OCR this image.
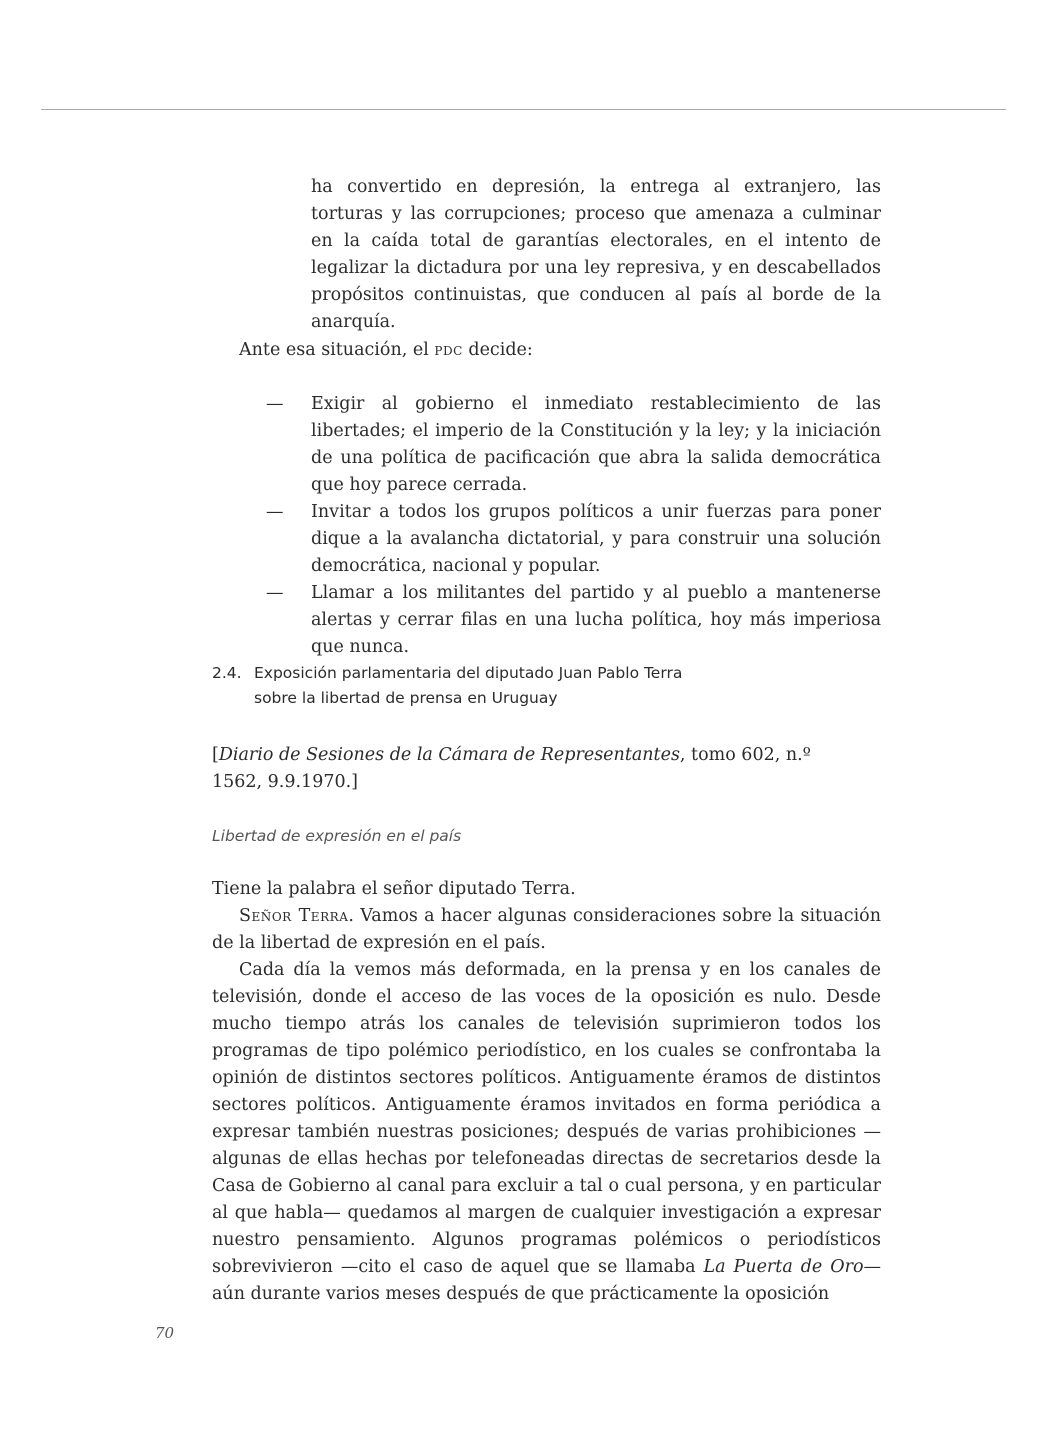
ha convertido en depresión, la entrega al extranjero, las torturas y las corrupciones; proceso que amenaza a culminar en la caída total de garantías electorales, en el intento de legalizar la dictadura por una ley represiva, y en descabellados propósitos continuistas, que conducen al país al borde de la anarquía.
Ante esa situación, el pdc decide:
— Exigir al gobierno el inmediato restablecimiento de las libertades; el imperio de la Constitución y la ley; y la iniciación de una política de pacificación que abra la salida democrática que hoy parece cerrada.
— Invitar a todos los grupos políticos a unir fuerzas para poner dique a la avalancha dictatorial, y para construir una solución democrática, nacional y popular.
— Llamar a los militantes del partido y al pueblo a mantenerse alertas y cerrar filas en una lucha política, hoy más imperiosa que nunca.
2.4. Exposición parlamentaria del diputado Juan Pablo Terra
sobre la libertad de prensa en Uruguay
[Diario de Sesiones de la Cámara de Representantes, tomo 602, n.º 1562, 9.9.1970.]
Libertad de expresión en el país

Tiene la palabra el señor diputado Terra.

Señor Terra. Vamos a hacer algunas consideraciones sobre la situación de la libertad de expresión en el país.

Cada día la vemos más deformada, en la prensa y en los canales de televisión, donde el acceso de las voces de la oposición es nulo. Desde mucho tiempo atrás los canales de televisión suprimieron todos los programas de tipo polémico periodístico, en los cuales se confrontaba la opinión de distintos sectores políticos. Antiguamente éramos de distintos sectores políticos. Antiguamente éramos invitados en forma periódica a expresar también nuestras posiciones; después de varias prohibiciones —algunas de ellas hechas por telefoneadas directas de secretarios desde la Casa de Gobierno al canal para excluir a tal o cual persona, y en particular al que habla— quedamos al margen de cualquier investigación a expresar nuestro pensamiento. Algunos programas polémicos o periodísticos sobrevivieron —cito el caso de aquel que se llamaba La Puerta de Oro— aún durante varios meses después de que prácticamente la oposición

70
